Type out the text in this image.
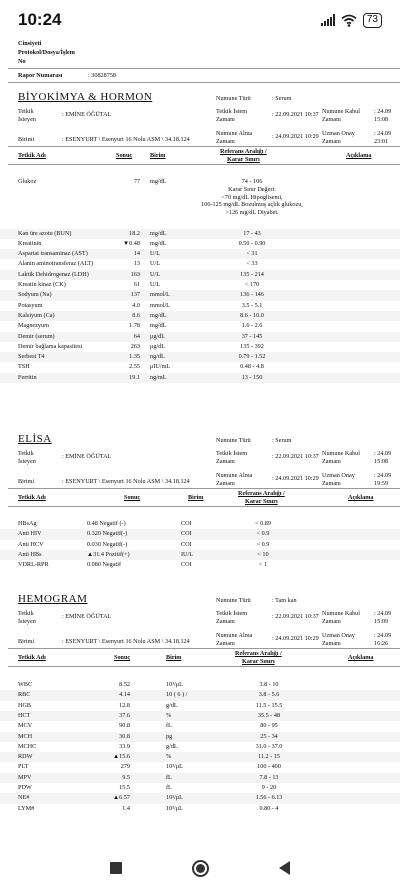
10:24	73
Cinsiyeti
Protokol/Dosya/İşlem
No
Rapor Numarası	: 30828758
BİYOKİMYA & HORMON	Numune Türü	: Serum
Tetkik
İsteyen
: EMİNE ÖĞÜTAL	Tetkik İstem
Zamanı
: 22.09.2021 10:37 Numune Kabul
Zamanı
: 24.09
15:08
Birimi	: ESENYURT \ Esenyurt 16 Nolu ASM \ 34.18.124
Numune Alma
Zamanı
: 24.09.2021 10:29 Uzman Onay
Zamanı
: 24.09
23:01
Tetkik Adı	Sonuç	Birim
Referans Aralığı /
Karar Sınırı
Açıklama
Glukoz	77 mg/dL	74 - 106
Karar Sınır Değeri:
<70 mg/dL Hipoglisemi,
100-125 mg/dL Bozulmuş açlık glukozu,
>126 mg/dL Diyabet.
Kan üre azotu (BUN)	18.2 mg/dL	17 - 43
Kreatinin	▼0.48 mg/dL	0.50 - 0.90
Aspartat transaminaz (AST)	14 U/L	< 31
Alanin aminotransferaz (ALT)	13 U/L	< 33
Laktik Dehidrogenaz (LDH)	163 U/L	135 - 214
Kreatin kinaz (CK)	61 U/L	< 170
Sodyum (Na)	137 mmol/L	136 - 146
Potasyum	4.0 mmol/L	3.5 - 5.1
Kalsiyum (Ca)	8.6 mg/dL	8.6 - 10.0
Magnezyum	1.78 mg/dL	1.6 - 2.6
Demir (serum)	64 μg/dL	37 - 145
Demir bağlama kapasitesi	263 μg/dL	135 - 392
Serbest T4	1.35 ng/dL	0.79 - 1.52
TSH	2.55 μIU/mL	0.48 - 4.8
Ferritin	19.1 ng/mL	13 - 150
ELİSA	Numune Türü	: Serum
Tetkik
İsteyen
: EMİNE ÖĞÜTAL	Tetkik İstem
Zamanı
: 22.09.2021 10:37 Numune Kabul
Zamanı
: 24.09
15:08
Birimi	: ESENYURT \ Esenyurt 16 Nolu ASM \ 34.18.124
Numune Alma
Zamanı
: 24.09.2021 10:29 Uzman Onay
Zamanı
: 24.09
19:59
Tetkik Adı	Sonuç	Birim
Referans Aralığı /
Karar Sınırı
Açıklama
HBsAg	0.48 Negatif (-)	COI	< 0.89
Anti HIV	0.320 Negatif(-)	COI	< 0.9
Anti HCV	0.030 Negatif(-)	COI	< 0.9
Anti HBs	▲31.4 Pozitif(+)	IU/L	< 10
VDRL-RPR	0.080 Negatif	COI	< 1
HEMOGRAM	Numune Türü	: Tam kan
Tetkik
İsteyen
: EMİNE ÖĞÜTAL	Tetkik İstem
Zamanı
: 22.09.2021 10:37 Numune Kabul
Zamanı
: 24.09
15:09
Birimi	: ESENYURT \ Esenyurt 16 Nolu ASM \ 34.18.124
Numune Alma
Zamanı
: 24.09.2021 10:29 Uzman Onay
Zamanı
: 24.09
16:26
Tetkik Adı	Sonuç	Birim
Referans Aralığı /
Karar Sınırı
Açıklama
WBC	8.52	10³/μL	3.8 - 10
RBC	4.14	10 ( 6 ) /	3.8 - 5.6
HGB	12.8	g/dL	11.5 - 15.5
HCT	37.6	%	35.5 - 48
MCV	90.8	fL	80 - 95
MCH	30.8	pg	25 - 34
MCHC	33.9	g/dL	31.0 - 37.0
RDW	▲15.6	%	11.2 - 15
PLT	279	10³/μL	100 - 400
MPV	9.5	fL	7.8 - 13
PDW	15.5	fL	9 - 20
NE#	▲6.57	10³/μL	1.56 - 6.13
LYM#	1.4	10³/μL	0.80 - 4
